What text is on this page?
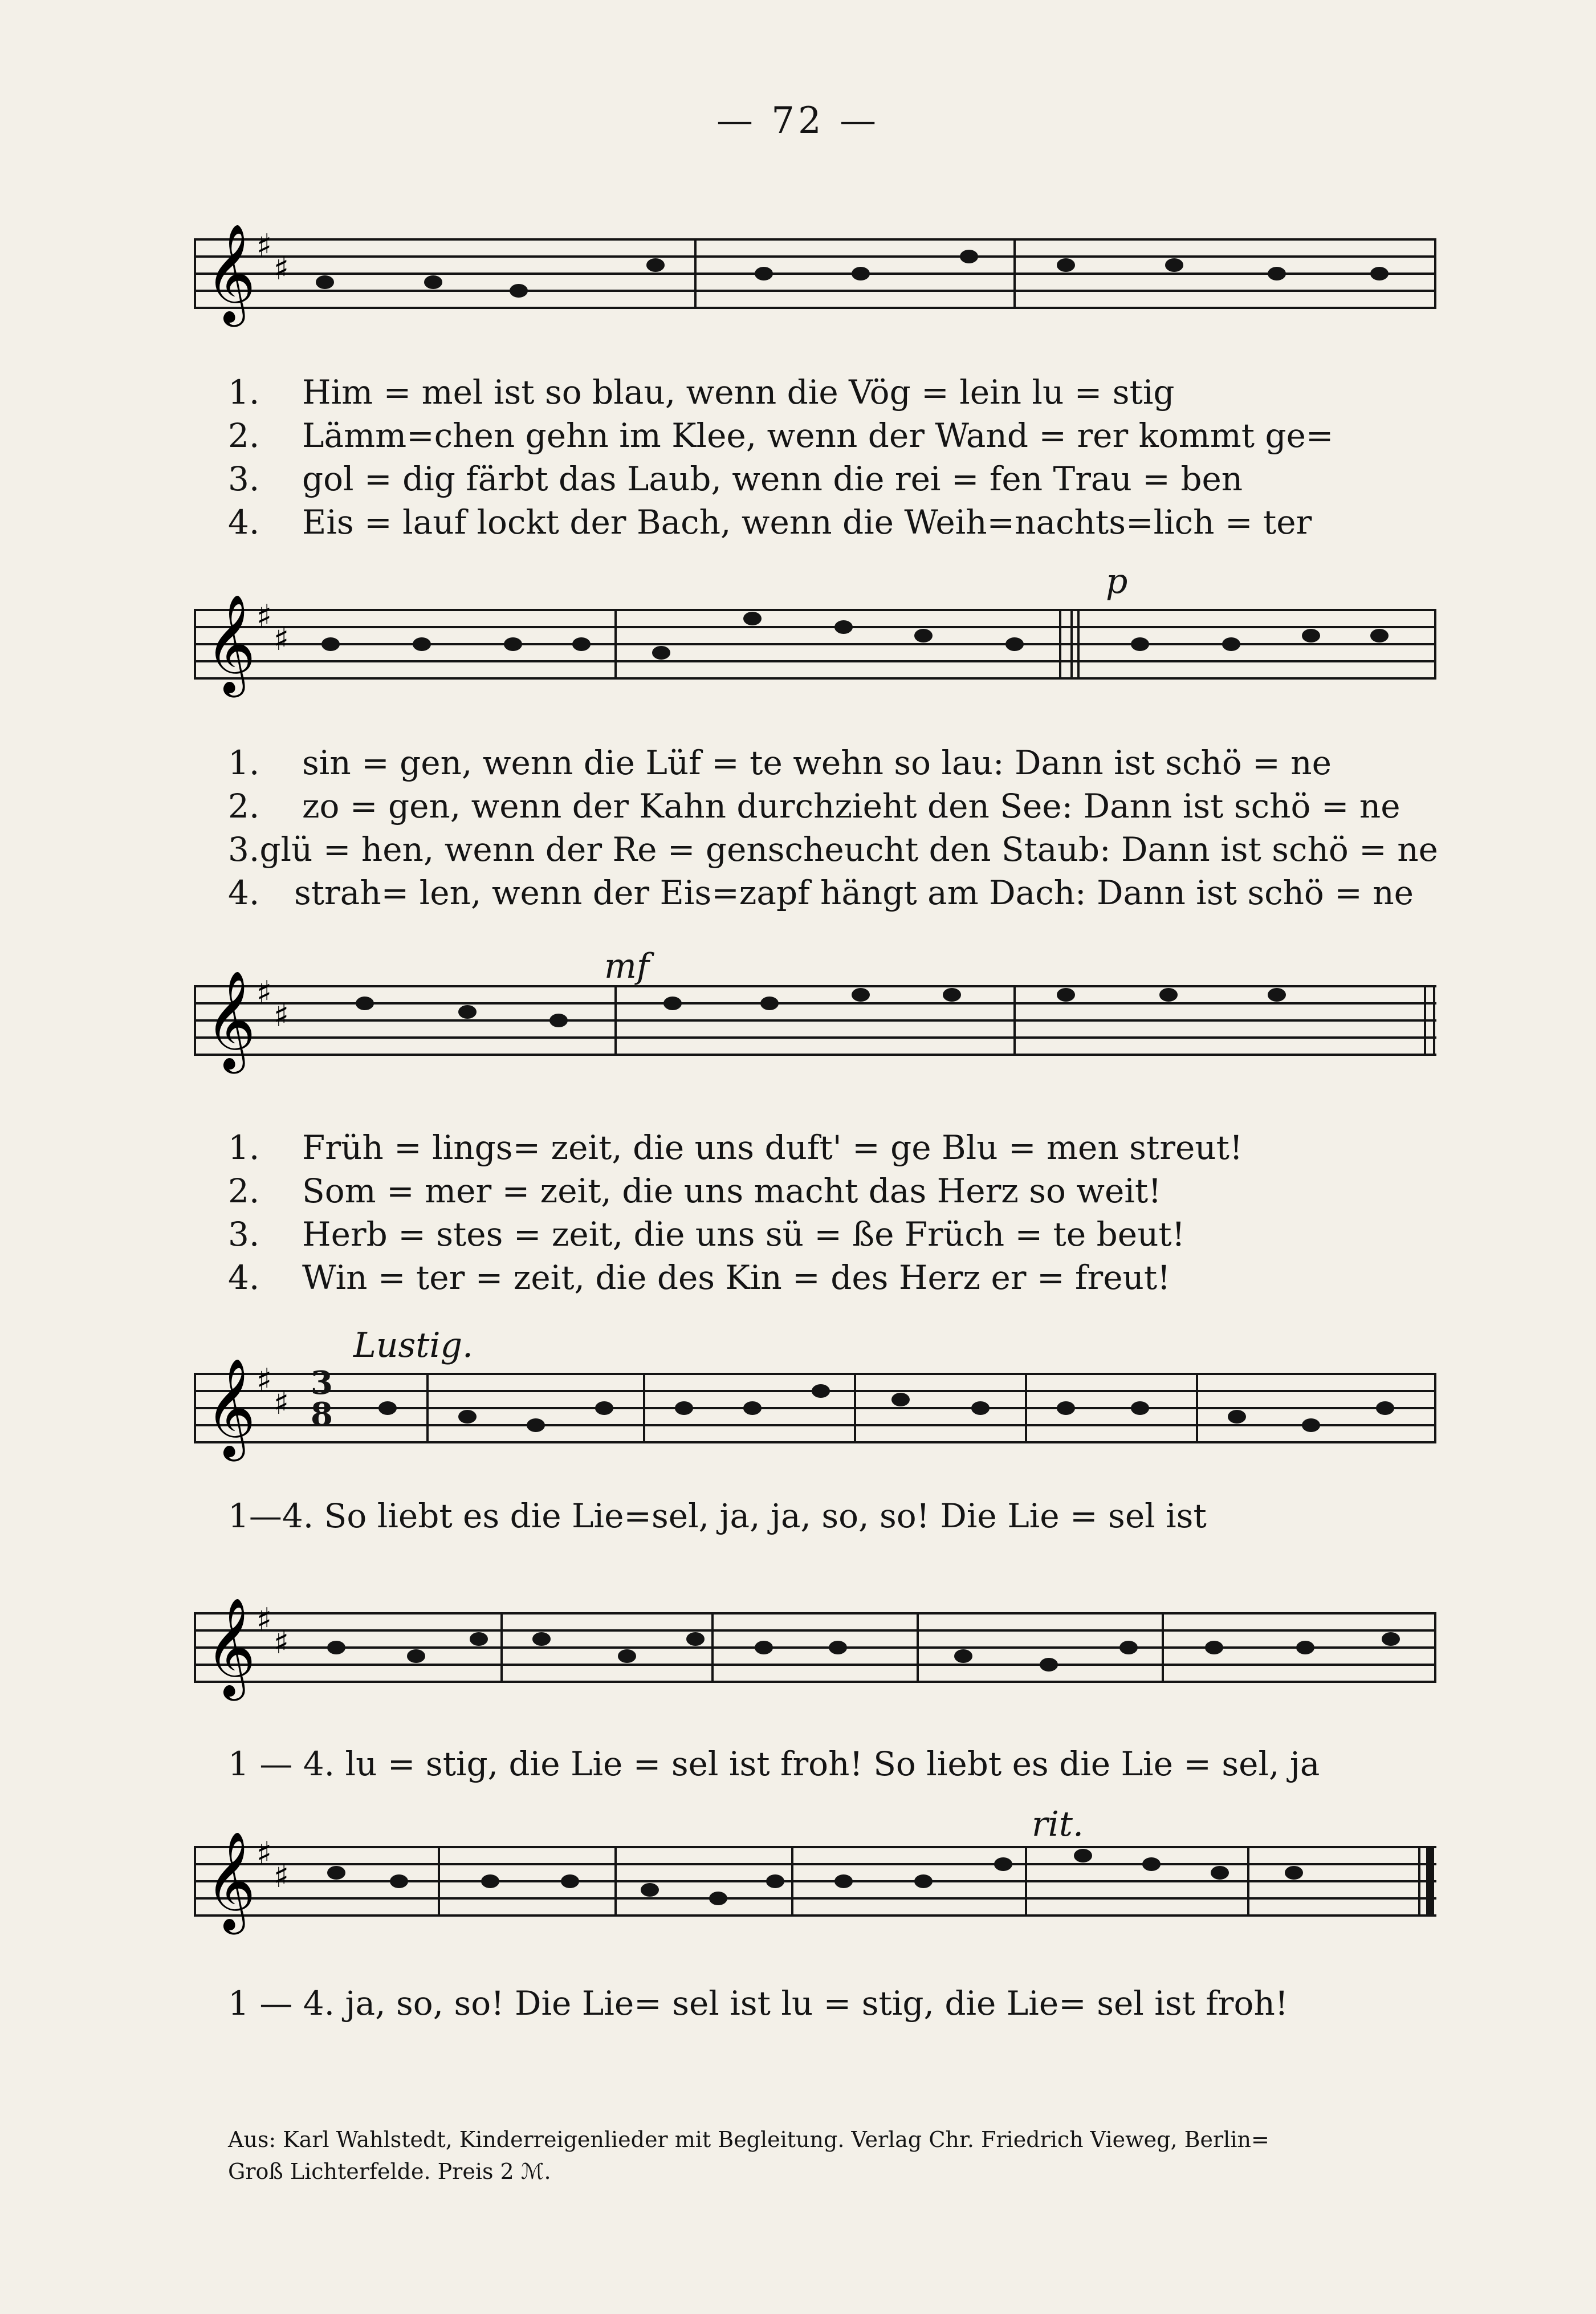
— 72 —
𝄞 ♯
♯
1.	Him = mel ist so blau, wenn die Vög = lein lu = stig
2.	Lämm=chen gehn im Klee, wenn der Wand = rer kommt ge=
3.	gol = dig färbt das Laub, wenn die rei = fen Trau = ben
4.	Eis = lauf lockt der Bach, wenn die Weih=nachts=lich = ter
p
𝄞 ♯
♯
1.	sin = gen, wenn die Lüf = te wehn so lau: Dann ist schö = ne
2.	zo = gen, wenn der Kahn durchzieht den See: Dann ist schö = ne
3. glü = hen, wenn der Re = genscheucht den Staub: Dann ist schö = ne
4.	strah= len, wenn der Eis=zapf hängt am Dach: Dann ist schö = ne
mf
𝄞 ♯
♯
1.	Früh = lings= zeit, die uns duft' = ge Blu = men streut!
2.	Som = mer = zeit, die uns macht das Herz so weit!
3.	Herb = stes = zeit, die uns sü = ße Früch = te beut!
4.	Win = ter = zeit, die des Kin = des Herz er = freut!
Lustig.
𝄞 ♯
♯
3
8
1—4. So liebt es die Lie=sel, ja, ja, so, so! Die Lie = sel ist
𝄞 ♯
♯
1 — 4. lu = stig, die Lie = sel ist froh! So liebt es die Lie = sel, ja
rit.
𝄞 ♯
♯
1 — 4. ja, so, so! Die Lie= sel ist lu = stig, die Lie= sel ist froh!
Aus: Karl Wahlstedt, Kinderreigenlieder mit Begleitung. Verlag Chr. Friedrich Vieweg, Berlin=
Groß Lichterfelde. Preis 2 ℳ.
